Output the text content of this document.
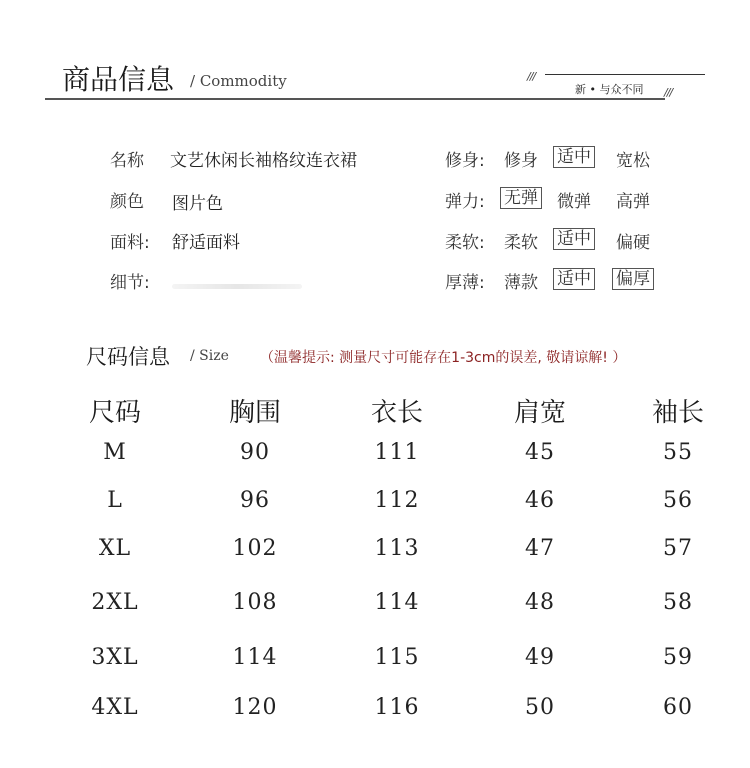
商品信息 / Commodity	///
新 • 与众不同 ///
名称 文艺休闲长袖格纹连衣裙
颜色 图片色
面料: 舒适面料
细节:
修身: 修身 适中 宽松
弹力: 无弹 微弹 高弹
柔软: 柔软 适中 偏硬
厚薄: 薄款 适中 偏厚
尺码信息 / Size （温馨提示: 测量尺寸可能存在1-3cm的误差, 敬请谅解! ）
尺码	胸围	衣长	肩宽	袖长
M	90	111	45	55
L	96	112	46	56
XL	102	113	47	57
2XL	108	114	48	58
3XL	114	115	49	59
4XL	120	116	50	60
